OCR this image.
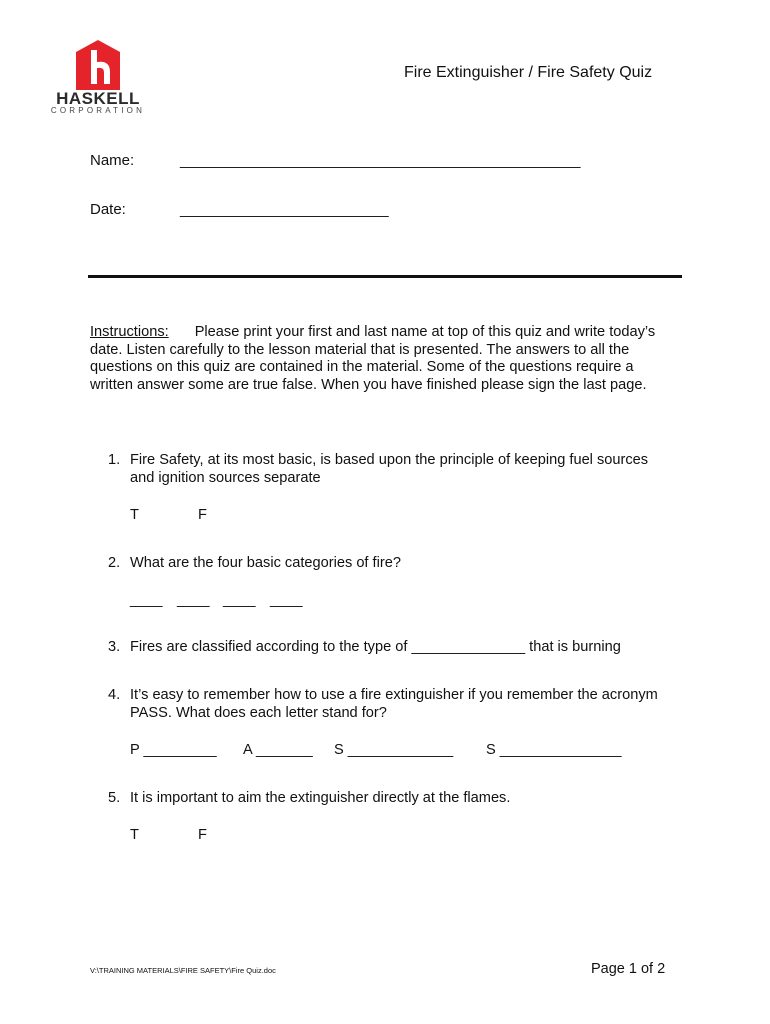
HASKELL
CORPORATION
Fire Extinguisher / Fire Safety Quiz
Name:	________________________________________________
Date:	_________________________
Instructions: Please print your first and last name at top of this quiz and write today’s
date. Listen carefully to the lesson material that is presented. The answers to all the
questions on this quiz are contained in the material. Some of the questions require a
written answer some are true false. When you have finished please sign the last page.
1. Fire Safety, at its most basic, is based upon the principle of keeping fuel sources
and ignition sources separate
T	F
2. What are the four basic categories of fire?
____ ____ ____ ____
3. Fires are classified according to the type of ______________ that is burning
4. It’s easy to remember how to use a fire extinguisher if you remember the acronym
PASS. What does each letter stand for?
P _________ A _______ S _____________ S _______________
5. It is important to aim the extinguisher directly at the flames.
T	F
V:\TRAINING MATERIALS\FIRE SAFETY\Fire Quiz.doc	Page 1 of 2
